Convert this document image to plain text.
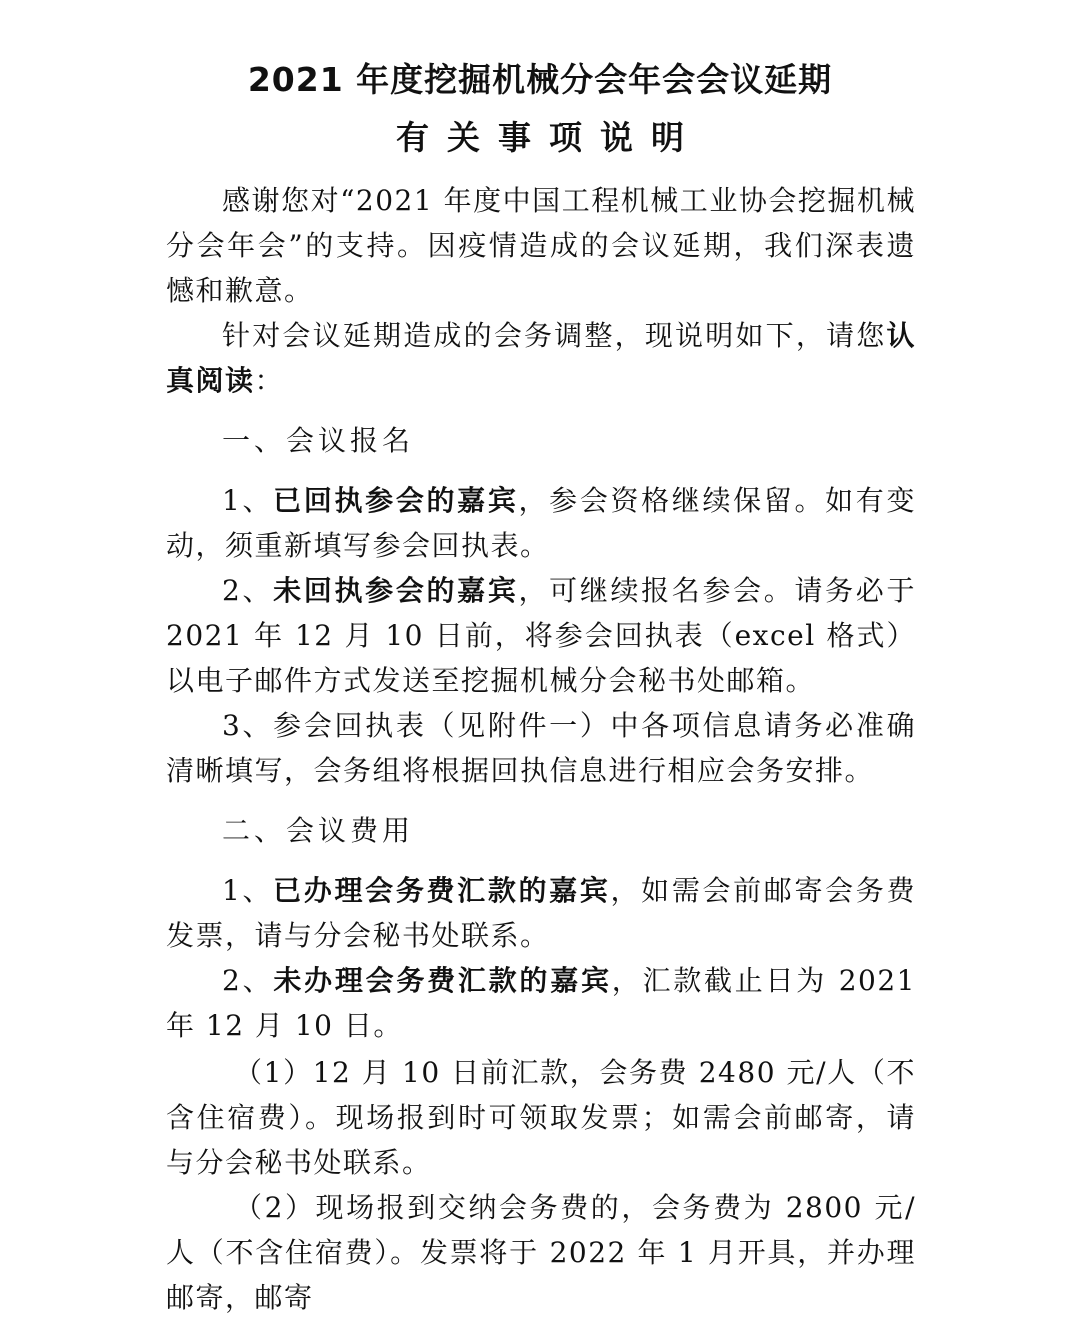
2021 年度挖掘机械分会年会会议延期
有关事项说明
感谢您对“2021 年度中国工程机械工业协会挖掘机械分会年会”的支持。因疫情造成的会议延期，我们深表遗憾和歉意。
针对会议延期造成的会务调整，现说明如下，请您认真阅读：
一、会议报名
1、已回执参会的嘉宾，参会资格继续保留。如有变动，须重新填写参会回执表。
2、未回执参会的嘉宾，可继续报名参会。请务必于 2021 年 12 月 10 日前，将参会回执表（excel 格式）以电子邮件方式发送至挖掘机械分会秘书处邮箱。
3、参会回执表（见附件一）中各项信息请务必准确清晰填写，会务组将根据回执信息进行相应会务安排。
二、会议费用
1、已办理会务费汇款的嘉宾，如需会前邮寄会务费发票，请与分会秘书处联系。
2、未办理会务费汇款的嘉宾，汇款截止日为 2021 年 12 月 10 日。
（1）12 月 10 日前汇款，会务费 2480 元/人（不含住宿费）。现场报到时可领取发票；如需会前邮寄，请与分会秘书处联系。
（2）现场报到交纳会务费的，会务费为 2800 元/人（不含住宿费）。发票将于 2022 年 1 月开具，并办理邮寄，邮寄
